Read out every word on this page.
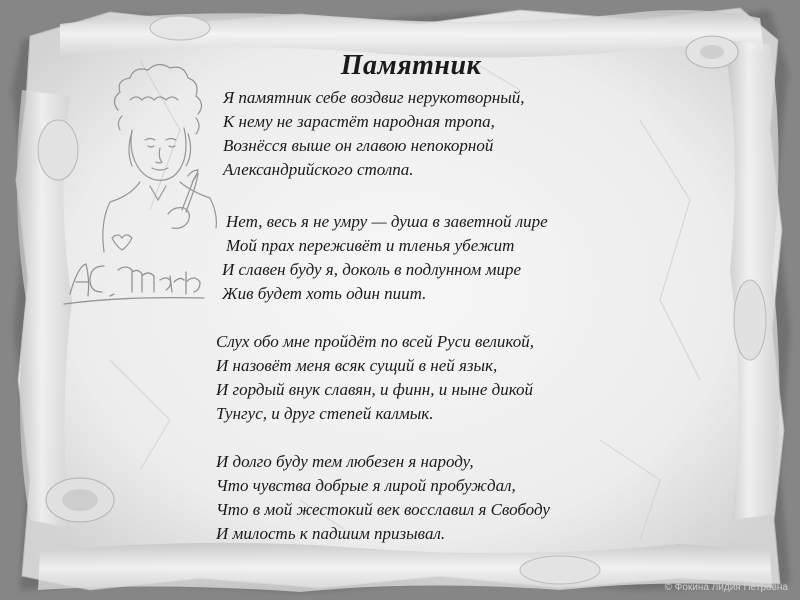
Памятник
Я памятник себе воздвиг нерукотворный,
К нему не зарастёт народная тропа,
Вознёсся выше он главою непокорной
Александрийского столпа.
Нет, весь я не умру — душа в заветной лире
Мой прах переживёт и тленья убежит
И славен буду я, доколь в подлунном мире
Жив будет хоть один пиит.
Слух обо мне пройдёт по всей Руси великой,
И назовёт меня всяк сущий в ней язык,
И гордый внук славян, и финн, и ныне дикой
Тунгус, и друг степей калмык.
И долго буду тем любезен я народу,
Что чувства добрые я лирой пробуждал,
Что в мой жестокий век восславил я Свободу
И милость к падшим призывал.
© Фокина Лидия Петровна
